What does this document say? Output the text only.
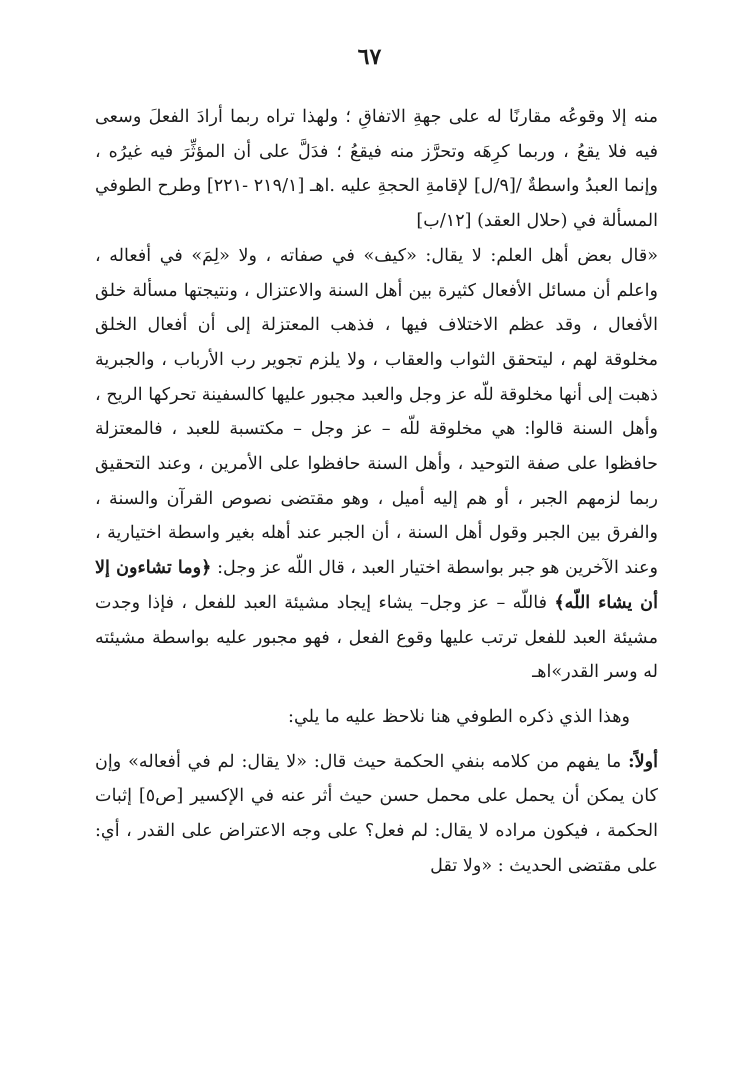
٦٧

منه إلا وقوعُه مقارنًا له على جهةِ الاتفاقِ ؛ ولهذا تراه ربما أرادَ الفعلَ وسعى فيه فلا يقعُ ، وربما كرِهَه وتحرَّز منه فيقعُ ؛ فدَلَّ على أن المؤثِّرَ فيه غيرُه ، وإنما العبدُ واسطةٌ /[٩/ل] لإقامةِ الحجةِ عليه .اهـ [٢١٩/١ -٢٢١] وطرح الطوفي المسألة في (حلال العقد) [١٢/ب]

«قال بعض أهل العلم: لا يقال: «كيف» في صفاته ، ولا «لِمَ» في أفعاله ، واعلم أن مسائل الأفعال كثيرة بين أهل السنة والاعتزال ، ونتيجتها مسألة خلق الأفعال ، وقد عظم الاختلاف فيها ، فذهب المعتزلة إلى أن أفعال الخلق مخلوقة لهم ، ليتحقق الثواب والعقاب ، ولا يلزم تجوير رب الأرباب ، والجبرية ذهبت إلى أنها مخلوقة للّه عز وجل والعبد مجبور عليها كالسفينة تحركها الريح ، وأهل السنة قالوا: هي مخلوقة للّه – عز وجل – مكتسبة للعبد ، فالمعتزلة حافظوا على صفة التوحيد ، وأهل السنة حافظوا على الأمرين ، وعند التحقيق ربما لزمهم الجبر ، أو هم إليه أميل ، وهو مقتضى نصوص القرآن والسنة ، والفرق بين الجبر وقول أهل السنة ، أن الجبر عند أهله بغير واسطة اختيارية ، وعند الآخرين هو جبر بواسطة اختيار العبد ، قال اللّه عز وجل: ﴿وما تشاءون إلا أن يشاء اللّه﴾ فاللّه – عز وجل– يشاء إيجاد مشيئة العبد للفعل ، فإذا وجدت مشيئة العبد للفعل ترتب عليها وقوع الفعل ، فهو مجبور عليه بواسطة مشيئته له وسر القدر»اهـ

وهذا الذي ذكره الطوفي هنا نلاحظ عليه ما يلي:

أولاً: ما يفهم من كلامه بنفي الحكمة حيث قال: «لا يقال: لم في أفعاله» وإن كان يمكن أن يحمل على محمل حسن حيث أثر عنه في الإكسير [ص٥] إثبات الحكمة ، فيكون مراده لا يقال: لم فعل؟ على وجه الاعتراض على القدر ، أي: على مقتضى الحديث : «ولا تقل
